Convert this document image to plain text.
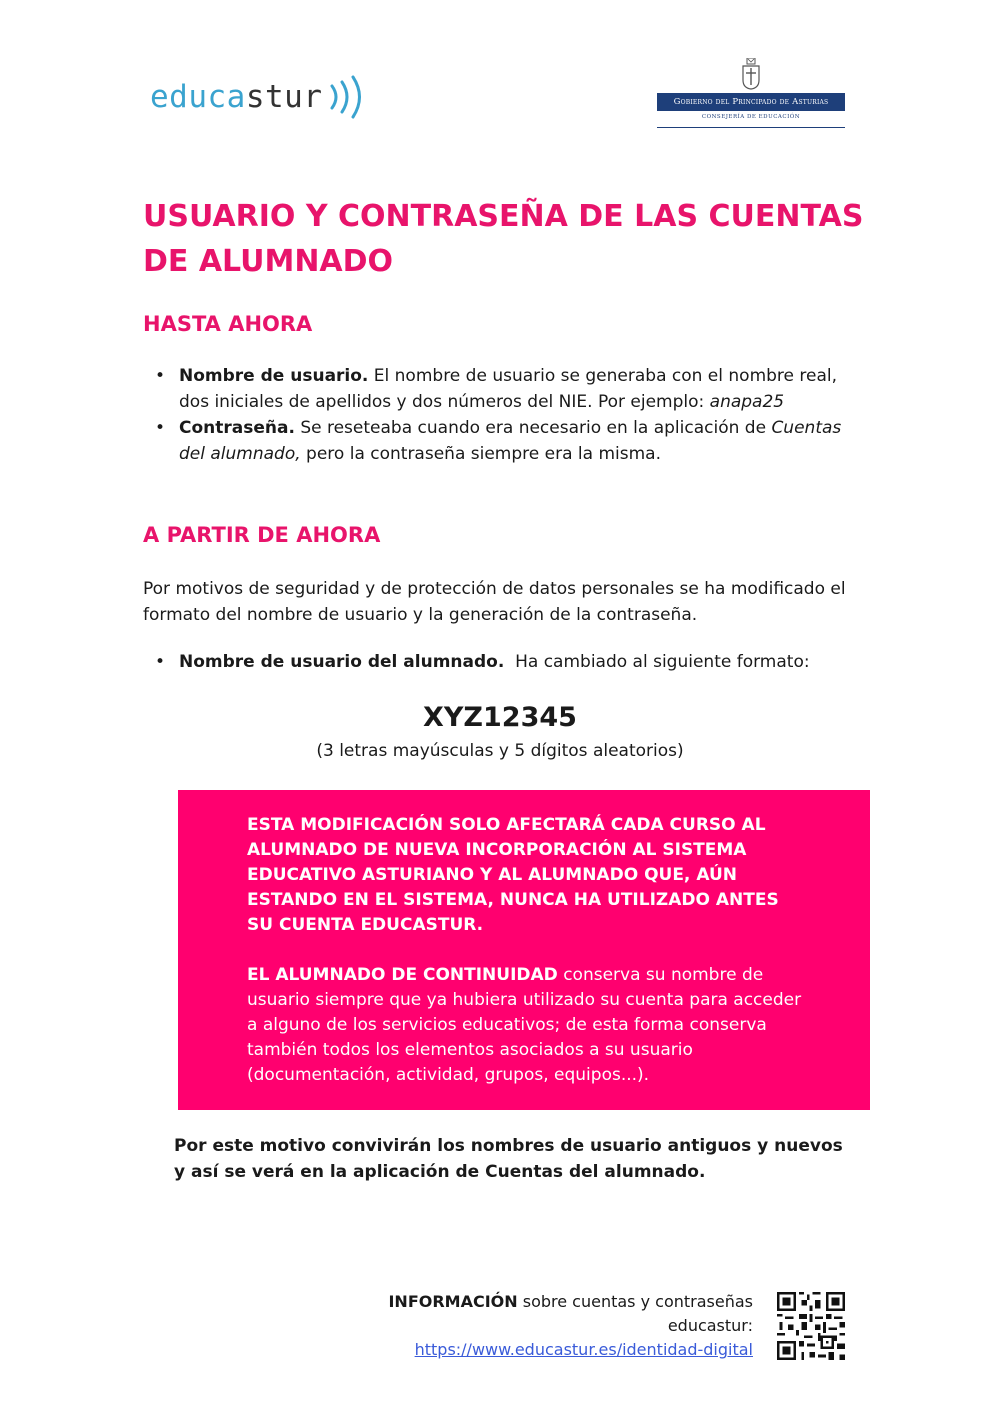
educastur	Gobierno del Principado de Asturias
CONSEJERÍA DE EDUCACIÓN
USUARIO Y CONTRASEÑA DE LAS CUENTAS DE ALUMNADO
HASTA AHORA
• Nombre de usuario. El nombre de usuario se generaba con el nombre real, dos iniciales de apellidos y dos números del NIE. Por ejemplo: anapa25
• Contraseña. Se reseteaba cuando era necesario en la aplicación de Cuentas del alumnado, pero la contraseña siempre era la misma.
A PARTIR DE AHORA

Por motivos de seguridad y de protección de datos personales se ha modificado el formato del nombre de usuario y la generación de la contraseña.

• Nombre de usuario del alumnado.  Ha cambiado al siguiente formato:
XYZ12345
(3 letras mayúsculas y 5 dígitos aleatorios)

ESTA MODIFICACIÓN SOLO AFECTARÁ CADA CURSO AL ALUMNADO DE NUEVA INCORPORACIÓN AL SISTEMA EDUCATIVO ASTURIANO Y AL ALUMNADO QUE, AÚN ESTANDO EN EL SISTEMA, NUNCA HA UTILIZADO ANTES SU CUENTA EDUCASTUR.

EL ALUMNADO DE CONTINUIDAD conserva su nombre de usuario siempre que ya hubiera utilizado su cuenta para acceder a alguno de los servicios educativos; de esta forma conserva también todos los elementos asociados a su usuario (documentación, actividad, grupos, equipos...).

Por este motivo convivirán los nombres de usuario antiguos y nuevos y así se verá en la aplicación de Cuentas del alumnado.

INFORMACIÓN sobre cuentas y contraseñas educastur:
https://www.educastur.es/identidad-digital
